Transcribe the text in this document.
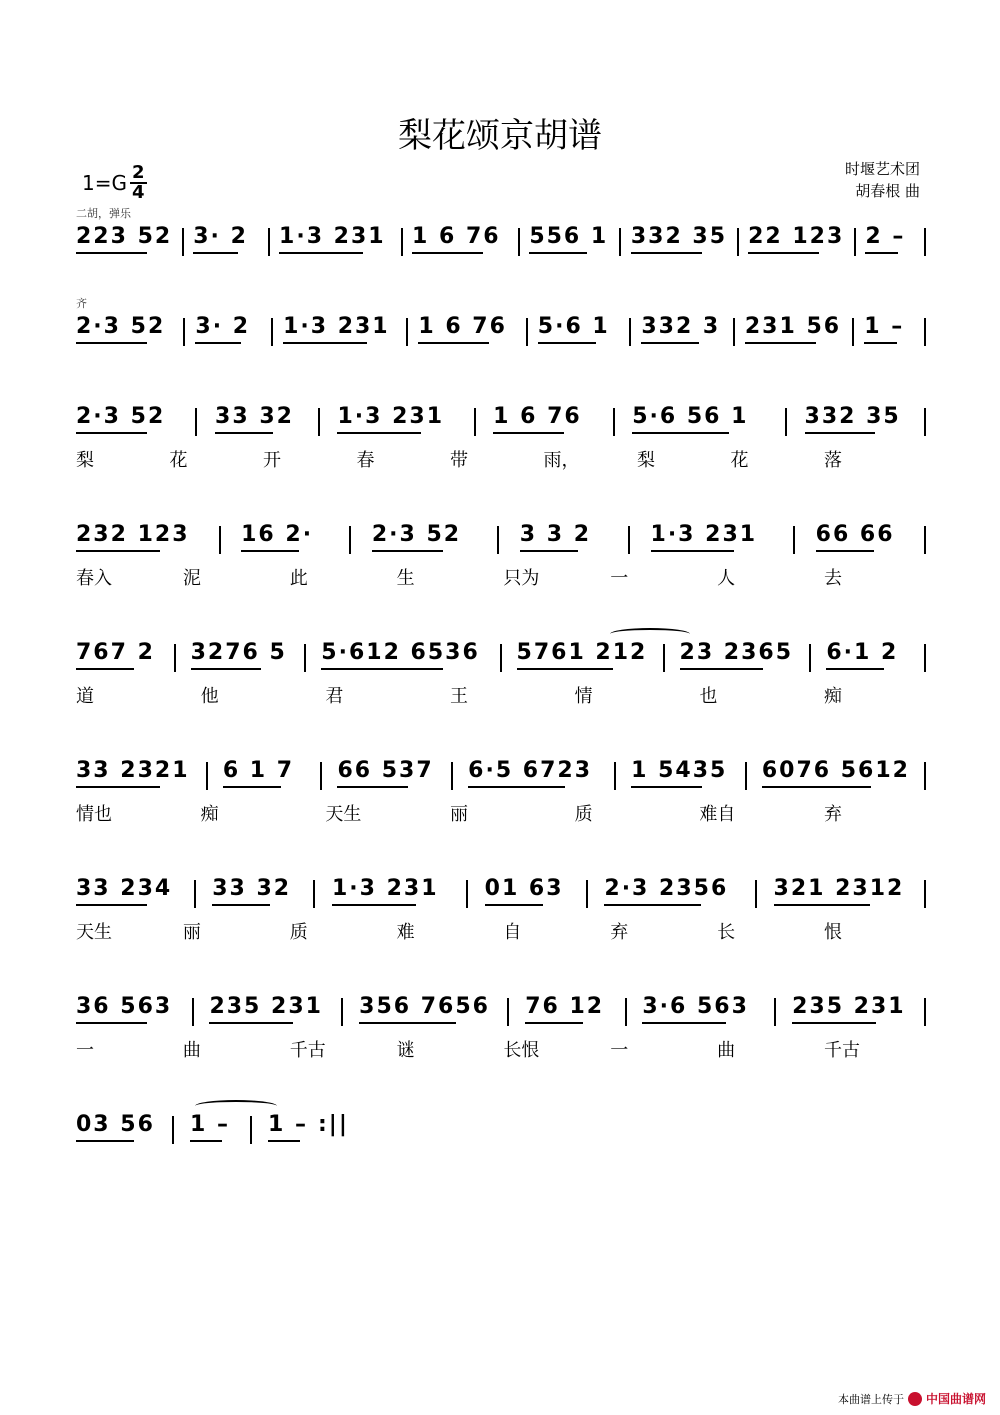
梨花颂京胡谱
$1=G \frac{2}{4}$	时堰艺术团
胡春根 曲
二胡，弹乐
齐
223 52 3· 2 1·3 231 1 6 76 556 1 332 35 22 123 2 –
2·3 52 3· 2 1·3 231 1 6 76 5·6 1 332 3 231 56 1 –
2·3 52 33 32 1·3 231 1 6 76 5·6 56 1	332 35
梨	花	开	春	带	雨，	梨	花	落
232 123 16 2·	2·3 52	3 3 2	1·3 231	66 66
春入	泥	此	生	只为	一	人	去
767 2 3276 5 5·612 6536 5761 212 23 2365 6·1 2
道	他	君	王	情	也	痴
33 2321 6 1 7 66 537 6·5 6723 1 5435 6076 5612
情也	痴	天生	丽	质	难自	弃
33 234 33 32 1·3 231 01 63 2·3 2356 321 2312
天生	丽	质	难	自	弃	长	恨
36 563 235 231 356 7656 76 12 3·6 563 235 231
一	曲	千古	谜	长恨	一	曲	千古
03 56 1 – 1 – :||
本曲谱上传于 中国曲谱网
